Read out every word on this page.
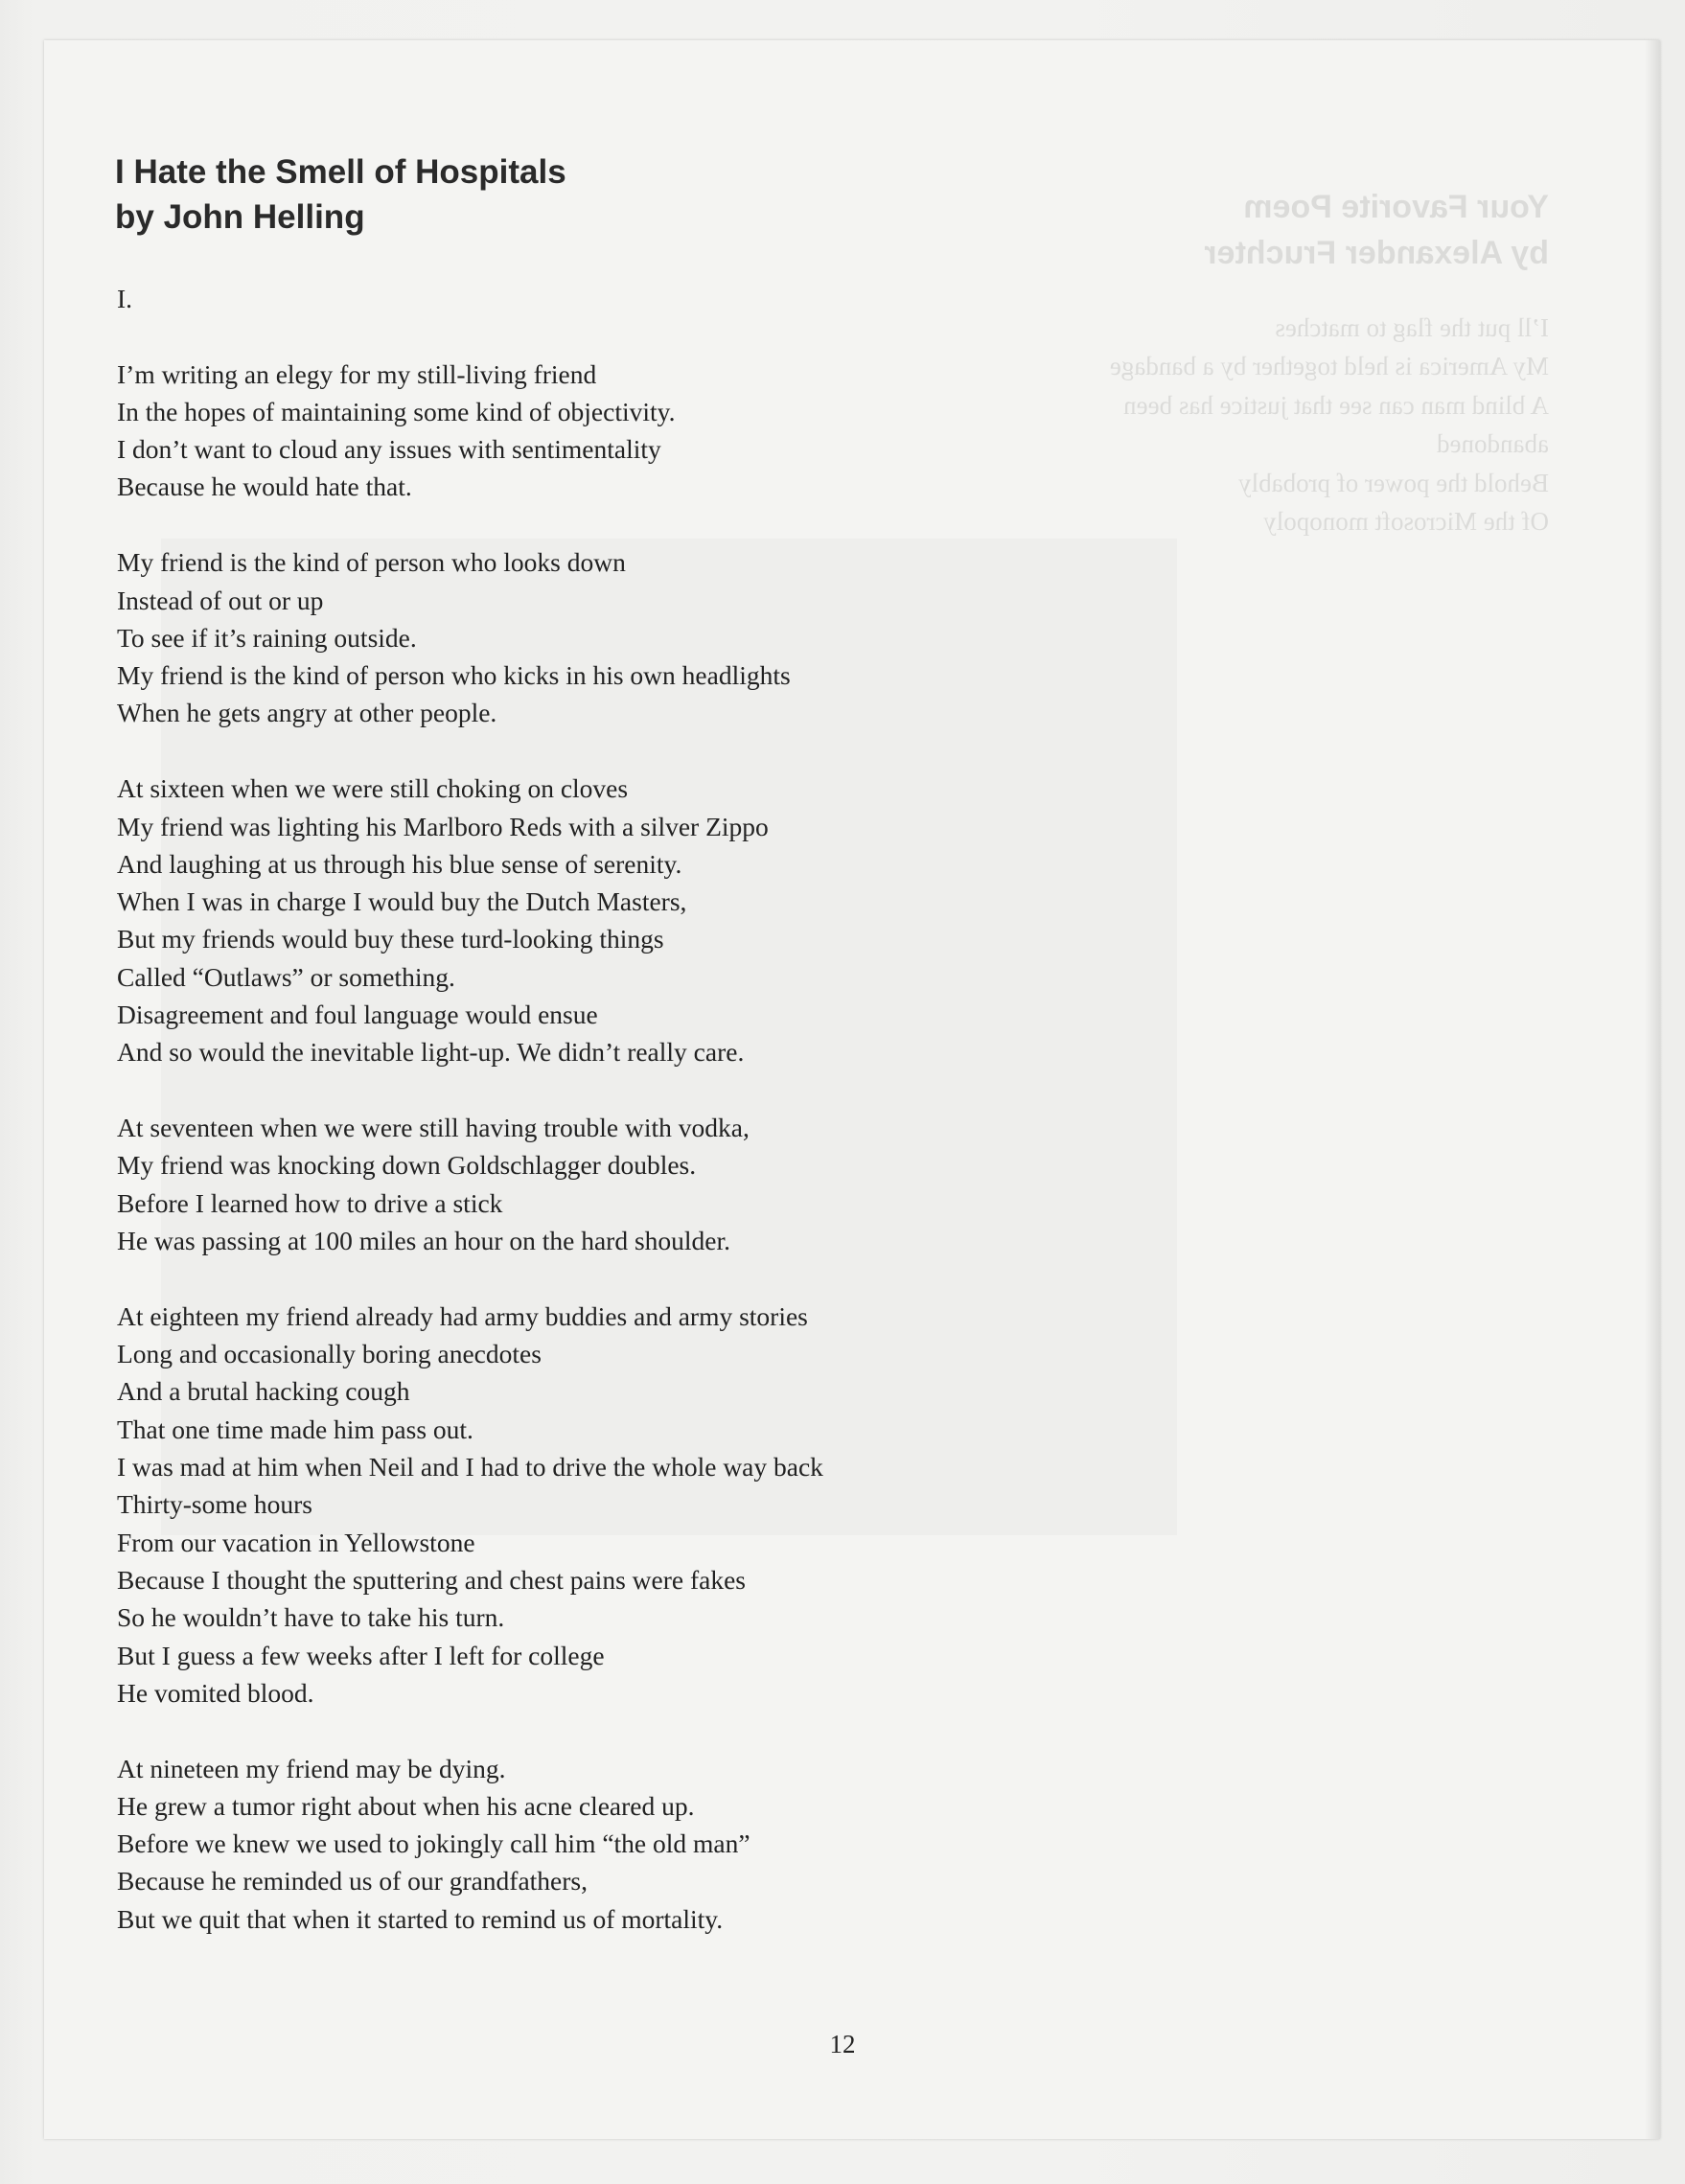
Your Favorite Poem
by Alexander Fruchter
I’ll put the flag to matches
My America is held together by a bandage
A blind man can see that justice has been abandoned
Behold the power of probably
Of the Microsoft monopoly
I Hate the Smell of Hospitals
by John Helling
I.
I’m writing an elegy for my still-living friend
In the hopes of maintaining some kind of objectivity.
I don’t want to cloud any issues with sentimentality
Because he would hate that.
My friend is the kind of person who looks down
Instead of out or up
To see if it’s raining outside.
My friend is the kind of person who kicks in his own headlights
When he gets angry at other people.
At sixteen when we were still choking on cloves
My friend was lighting his Marlboro Reds with a silver Zippo
And laughing at us through his blue sense of serenity.
When I was in charge I would buy the Dutch Masters,
But my friends would buy these turd-looking things
Called “Outlaws” or something.
Disagreement and foul language would ensue
And so would the inevitable light-up. We didn’t really care.
At seventeen when we were still having trouble with vodka,
My friend was knocking down Goldschlagger doubles.
Before I learned how to drive a stick
He was passing at 100 miles an hour on the hard shoulder.
At eighteen my friend already had army buddies and army stories
Long and occasionally boring anecdotes
And a brutal hacking cough
That one time made him pass out.
I was mad at him when Neil and I had to drive the whole way back
Thirty-some hours
From our vacation in Yellowstone
Because I thought the sputtering and chest pains were fakes
So he wouldn’t have to take his turn.
But I guess a few weeks after I left for college
He vomited blood.
At nineteen my friend may be dying.
He grew a tumor right about when his acne cleared up.
Before we knew we used to jokingly call him “the old man”
Because he reminded us of our grandfathers,
But we quit that when it started to remind us of mortality.
12
